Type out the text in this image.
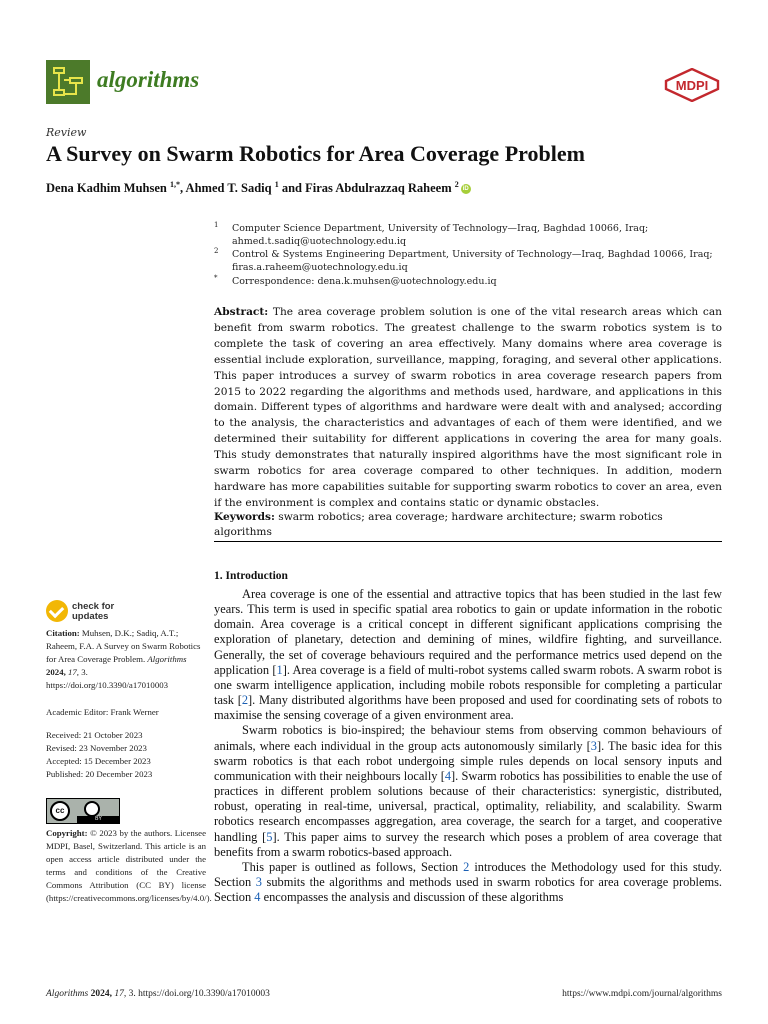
algorithms	MDPI
Review
A Survey on Swarm Robotics for Area Coverage Problem
Dena Kadhim Muhsen $^{1,*}$, Ahmed T. Sadiq $^1$ and Firas Abdulrazzaq Raheem $^2$iD
1	Computer Science Department, University of Technology—Iraq, Baghdad 10066, Iraq;
ahmed.t.sadiq@uotechnology.edu.iq
2	Control & Systems Engineering Department, University of Technology—Iraq, Baghdad 10066, Iraq;
firas.a.raheem@uotechnology.edu.iq
*	Correspondence: dena.k.muhsen@uotechnology.edu.iq
Abstract: The area coverage problem solution is one of the vital research areas which can benefit from swarm robotics. The greatest challenge to the swarm robotics system is to complete the task of covering an area effectively. Many domains where area coverage is essential include exploration, surveillance, mapping, foraging, and several other applications. This paper introduces a survey of swarm robotics in area coverage research papers from 2015 to 2022 regarding the algorithms and methods used, hardware, and applications in this domain. Different types of algorithms and hardware were dealt with and analysed; according to the analysis, the characteristics and advantages of each of them were identified, and we determined their suitability for different applications in covering the area for many goals. This study demonstrates that naturally inspired algorithms have the most significant role in swarm robotics for area coverage compared to other techniques. In addition, modern hardware has more capabilities suitable for supporting swarm robotics to cover an area, even if the environment is complex and contains static or dynamic obstacles.
Keywords: swarm robotics; area coverage; hardware architecture; swarm robotics algorithms
check for
updates
Citation: Muhsen, D.K.; Sadiq, A.T.; Raheem, F.A. A Survey on Swarm Robotics for Area Coverage Problem. Algorithms 2024, 17, 3. https://doi.org/10.3390/a17010003
Academic Editor: Frank Werner
Received: 21 October 2023
Revised: 23 November 2023
Accepted: 15 December 2023
Published: 20 December 2023
cc
BY
Copyright: © 2023 by the authors. Licensee MDPI, Basel, Switzerland. This article is an open access article distributed under the terms and conditions of the Creative Commons Attribution (CC BY) license (https://creativecommons.org/licenses/by/4.0/).
1. Introduction

Area coverage is one of the essential and attractive topics that has been studied in the last few years. This term is used in specific spatial area robotics to gain or update information in the robotic domain. Area coverage is a critical concept in different significant applications comprising the exploration of planetary, detection and demining of mines, wildfire fighting, and surveillance. Generally, the set of coverage behaviours required and the performance metrics used depend on the application [1]. Area coverage is a field of multi-robot systems called swarm robots. A swarm robot is one swarm intelligence application, including mobile robots responsible for completing a particular task [2]. Many distributed algorithms have been proposed and used for coordinating sets of robots to maximise the sensing coverage of a given environment area.

Swarm robotics is bio-inspired; the behaviour stems from observing common behaviours of animals, where each individual in the group acts autonomously similarly [3]. The basic idea for this swarm robotics is that each robot undergoing simple rules depends on local sensory inputs and communication with their neighbours locally [4]. Swarm robotics has possibilities to enable the use of practices in different problem solutions because of their characteristics: synergistic, distributed, robust, operating in real-time, universal, practical, optimality, reliability, and scalability. Swarm robotics research encompasses aggregation, area coverage, the search for a target, and cooperative handling [5]. This paper aims to survey the research which poses a problem of area coverage that benefits from a swarm robotics-based approach.

This paper is outlined as follows, Section 2 introduces the Methodology used for this study. Section 3 submits the algorithms and methods used in swarm robotics for area coverage problems. Section 4 encompasses the analysis and discussion of these algorithms

Algorithms 2024, 17, 3. https://doi.org/10.3390/a17010003	https://www.mdpi.com/journal/algorithms
